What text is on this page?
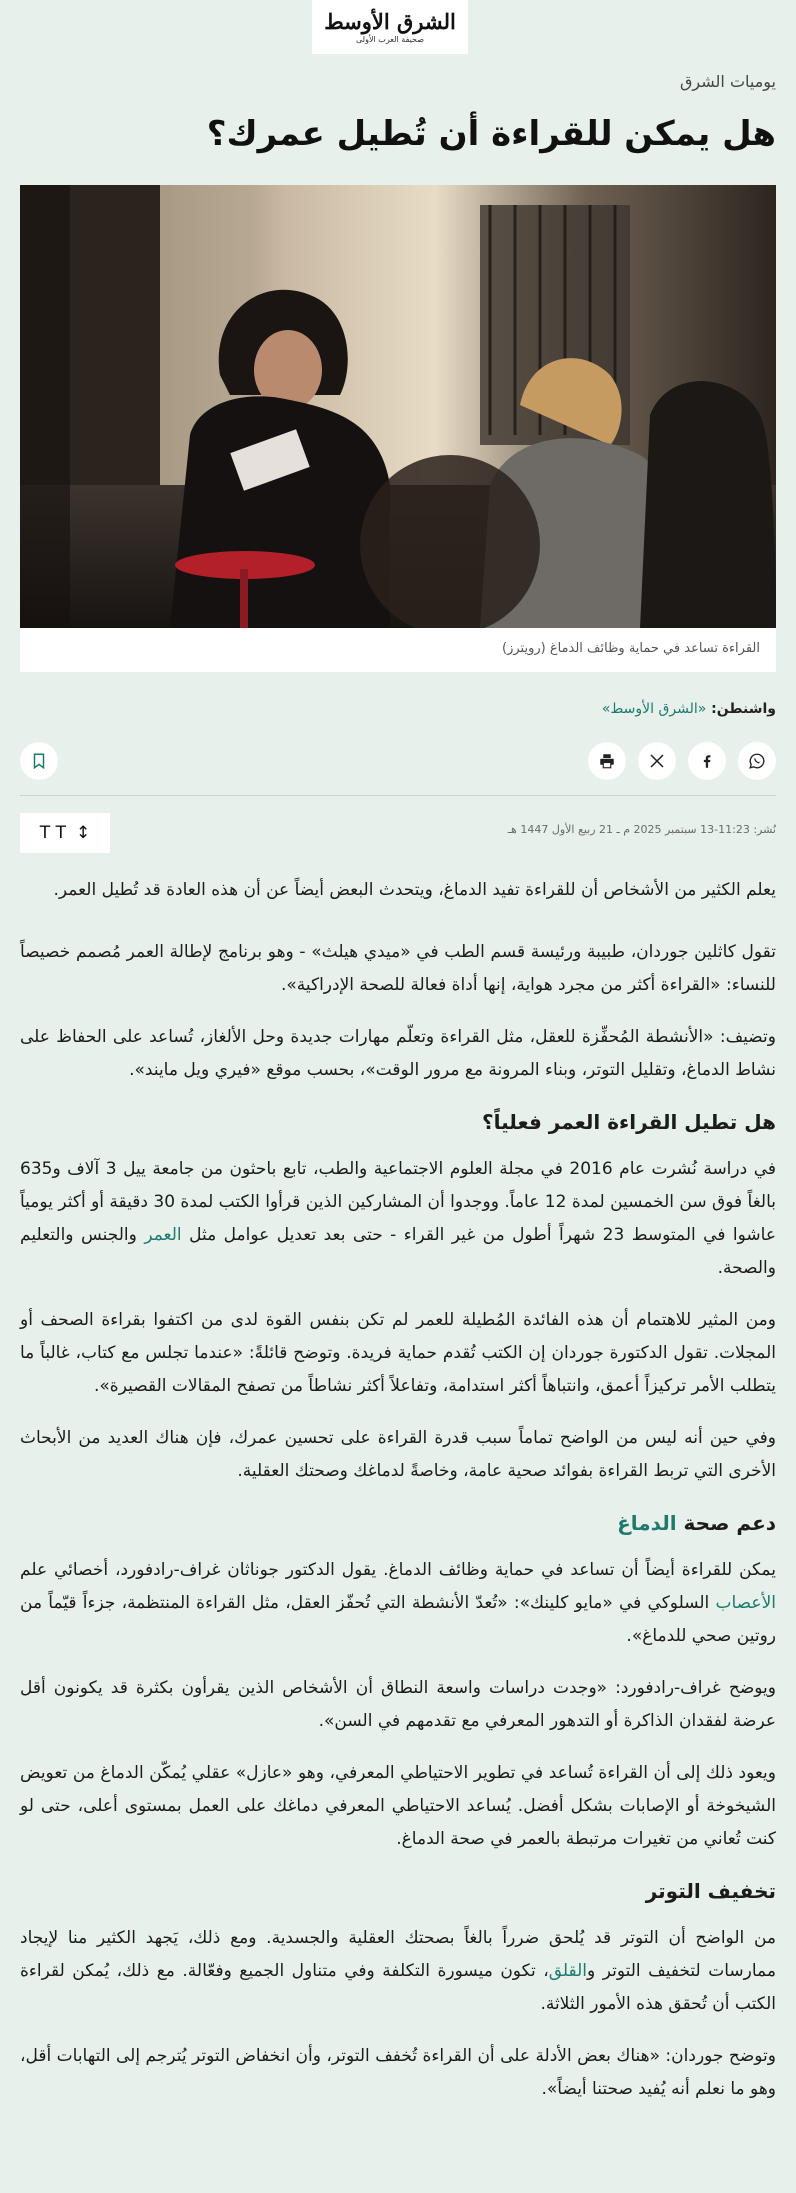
الشرق الأوسط
صحيفة العرب الأولى
يوميات الشرق
هل يمكن للقراءة أن تُطيل عمرك؟
القراءة تساعد في حماية وظائف الدماغ (رويترز)
واشنطن: «الشرق الأوسط»
نُشر: 11:23-13 سبتمبر 2025 م ـ 21 ربيع الأول 1447 هـ
T T ↕

يعلم الكثير من الأشخاص أن للقراءة تفيد الدماغ، ويتحدث البعض أيضاً عن أن هذه العادة قد تُطيل العمر.

تقول كاثلين جوردان، طبيبة ورئيسة قسم الطب في «ميدي هيلث» - وهو برنامج لإطالة العمر مُصمم خصيصاً للنساء: «القراءة أكثر من مجرد هواية، إنها أداة فعالة للصحة الإدراكية».

وتضيف: «الأنشطة المُحفِّزة للعقل، مثل القراءة وتعلّم مهارات جديدة وحل الألغاز، تُساعد على الحفاظ على نشاط الدماغ، وتقليل التوتر، وبناء المرونة مع مرور الوقت»، بحسب موقع «فيري ويل مايند».

هل تطيل القراءة العمر فعلياً؟

في دراسة نُشرت عام 2016 في مجلة العلوم الاجتماعية والطب، تابع باحثون من جامعة ييل 3 آلاف و635 بالغاً فوق سن الخمسين لمدة 12 عاماً. ووجدوا أن المشاركين الذين قرأوا الكتب لمدة 30 دقيقة أو أكثر يومياً عاشوا في المتوسط 23 شهراً أطول من غير القراء - حتى بعد تعديل عوامل مثل العمر والجنس والتعليم والصحة.

ومن المثير للاهتمام أن هذه الفائدة المُطيلة للعمر لم تكن بنفس القوة لدى من اكتفوا بقراءة الصحف أو المجلات. تقول الدكتورة جوردان إن الكتب تُقدم حماية فريدة. وتوضح قائلةً: «عندما تجلس مع كتاب، غالباً ما يتطلب الأمر تركيزاً أعمق، وانتباهاً أكثر استدامة، وتفاعلاً أكثر نشاطاً من تصفح المقالات القصيرة».

وفي حين أنه ليس من الواضح تماماً سبب قدرة القراءة على تحسين عمرك، فإن هناك العديد من الأبحاث الأخرى التي تربط القراءة بفوائد صحية عامة، وخاصةً لدماغك وصحتك العقلية.

دعم صحة الدماغ

يمكن للقراءة أيضاً أن تساعد في حماية وظائف الدماغ. يقول الدكتور جوناثان غراف-رادفورد، أخصائي علم الأعصاب السلوكي في «مايو كلينك»: «تُعدّ الأنشطة التي تُحفّز العقل، مثل القراءة المنتظمة، جزءاً قيّماً من روتين صحي للدماغ».

ويوضح غراف-رادفورد: «وجدت دراسات واسعة النطاق أن الأشخاص الذين يقرأون بكثرة قد يكونون أقل عرضة لفقدان الذاكرة أو التدهور المعرفي مع تقدمهم في السن».

ويعود ذلك إلى أن القراءة تُساعد في تطوير الاحتياطي المعرفي، وهو «عازل» عقلي يُمكّن الدماغ من تعويض الشيخوخة أو الإصابات بشكل أفضل. يُساعد الاحتياطي المعرفي دماغك على العمل بمستوى أعلى، حتى لو كنت تُعاني من تغيرات مرتبطة بالعمر في صحة الدماغ.

تخفيف التوتر

من الواضح أن التوتر قد يُلحق ضرراً بالغاً بصحتك العقلية والجسدية. ومع ذلك، يَجهد الكثير منا لإيجاد ممارسات لتخفيف التوتر والقلق، تكون ميسورة التكلفة وفي متناول الجميع وفعّالة. مع ذلك، يُمكن لقراءة الكتب أن تُحقق هذه الأمور الثلاثة.

وتوضح جوردان: «هناك بعض الأدلة على أن القراءة تُخفف التوتر، وأن انخفاض التوتر يُترجم إلى التهابات أقل، وهو ما نعلم أنه يُفيد صحتنا أيضاً».
